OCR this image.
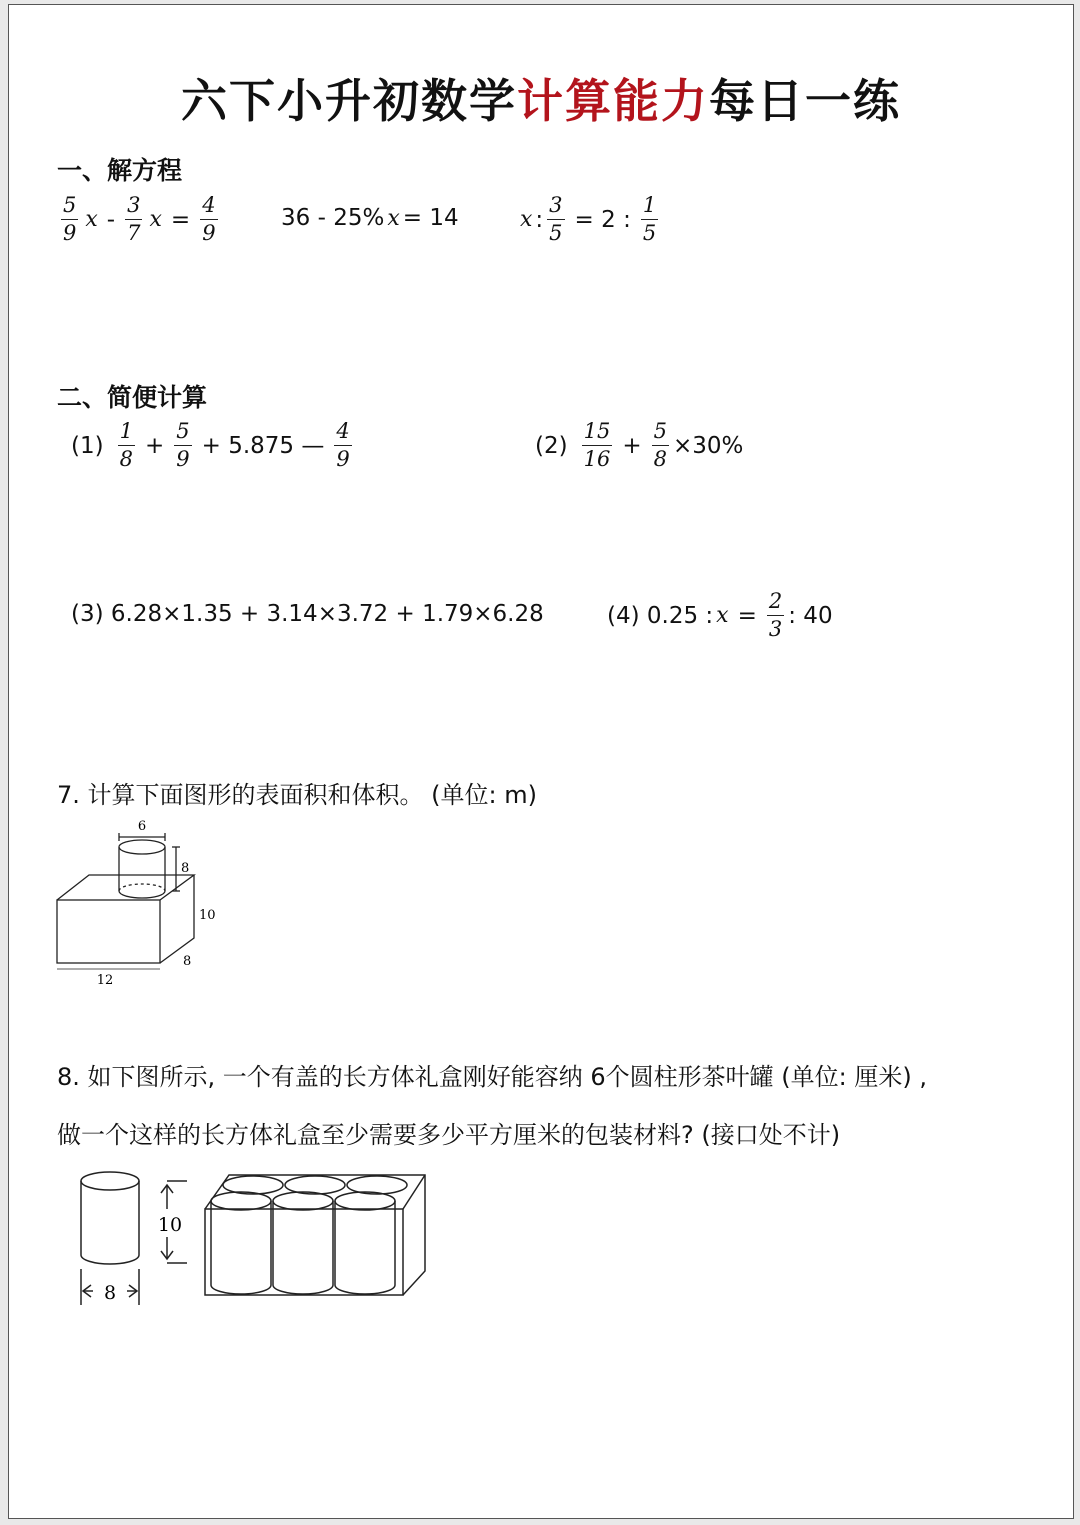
六下小升初数学计算能力每日一练
一、解方程
$\frac{5}{9}$ x - $\frac{3}{7}$ $x = \frac{4}{9}$	36 - 25% x = 14	x : $\frac{3}{5} = 2$ : $\frac{1}{5}$
二、简便计算
$(1) \frac{1}{8} + \frac{5}{9} + 5.875$ — $\frac{4}{9}$	$(2) \frac{15}{16} + \frac{5}{8} \times 30\%$
(3) 6.28×1.35 + 3.14×3.72 + 1.79×6.28	(4) 0.25 : $x = \frac{2}{3}$ : 40
7. 计算下面图形的表面积和体积。 (单位: m)
6
8
10
8
12
8. 如下图所示, 一个有盖的长方体礼盒刚好能容纳 6个圆柱形茶叶罐 (单位: 厘米) ,
做一个这样的长方体礼盒至少需要多少平方厘米的包装材料? (接口处不计)
10
8
